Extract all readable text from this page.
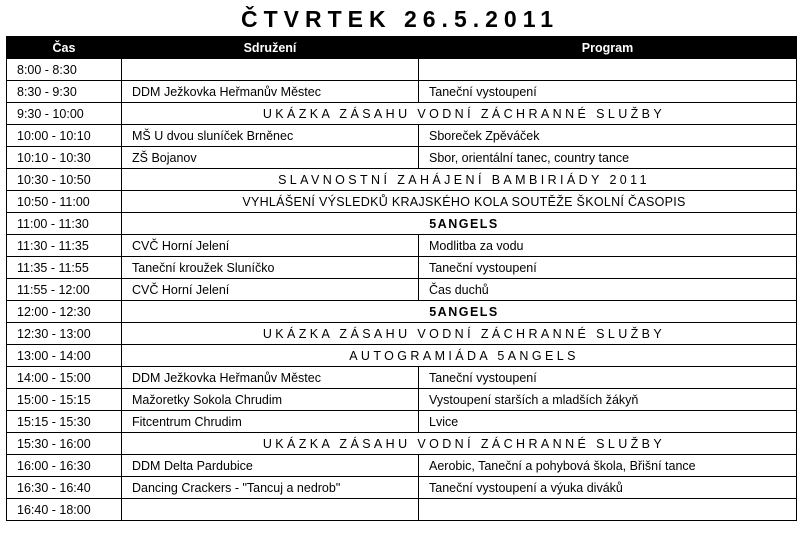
ČTVRTEK 26.5.2011
Čas	Sdružení	Program
8:00 - 8:30		
8:30 - 9:30	DDM Ježkovka Heřmanův Městec	Taneční vystoupení
9:30 - 10:00	UKÁZKA ZÁSAHU VODNÍ ZÁCHRANNÉ SLUŽBY	
10:00 - 10:10	MŠ U dvou sluníček Brněnec	Sboreček Zpěváček
10:10 - 10:30	ZŠ Bojanov	Sbor, orientální tanec, country tance
10:30 - 10:50	SLAVNOSTNÍ ZAHÁJENÍ BAMBIRIÁDY 2011	
10:50 - 11:00	VYHLÁŠENÍ VÝSLEDKŮ KRAJSKÉHO KOLA SOUTĚŽE ŠKOLNÍ ČASOPIS	
11:00 - 11:30	5ANGELS	
11:30 - 11:35	CVČ Horní Jelení	Modlitba za vodu
11:35 - 11:55	Taneční kroužek Sluníčko	Taneční vystoupení
11:55 - 12:00	CVČ Horní Jelení	Čas duchů
12:00 - 12:30	5ANGELS	
12:30 - 13:00	UKÁZKA ZÁSAHU VODNÍ ZÁCHRANNÉ SLUŽBY	
13:00 - 14:00	AUTOGRAMIÁDA 5ANGELS	
14:00 - 15:00	DDM Ježkovka Heřmanův Městec	Taneční vystoupení
15:00 - 15:15	Mažoretky Sokola Chrudim	Vystoupení starších a mladších žákyň
15:15 - 15:30	Fitcentrum Chrudim	Lvice
15:30 - 16:00	UKÁZKA ZÁSAHU VODNÍ ZÁCHRANNÉ SLUŽBY	
16:00 - 16:30	DDM Delta Pardubice	Aerobic, Taneční a pohybová škola, Břišní tance
16:30 - 16:40	Dancing Crackers - "Tancuj a nedrob"	Taneční vystoupení a výuka diváků
16:40 - 18:00		
